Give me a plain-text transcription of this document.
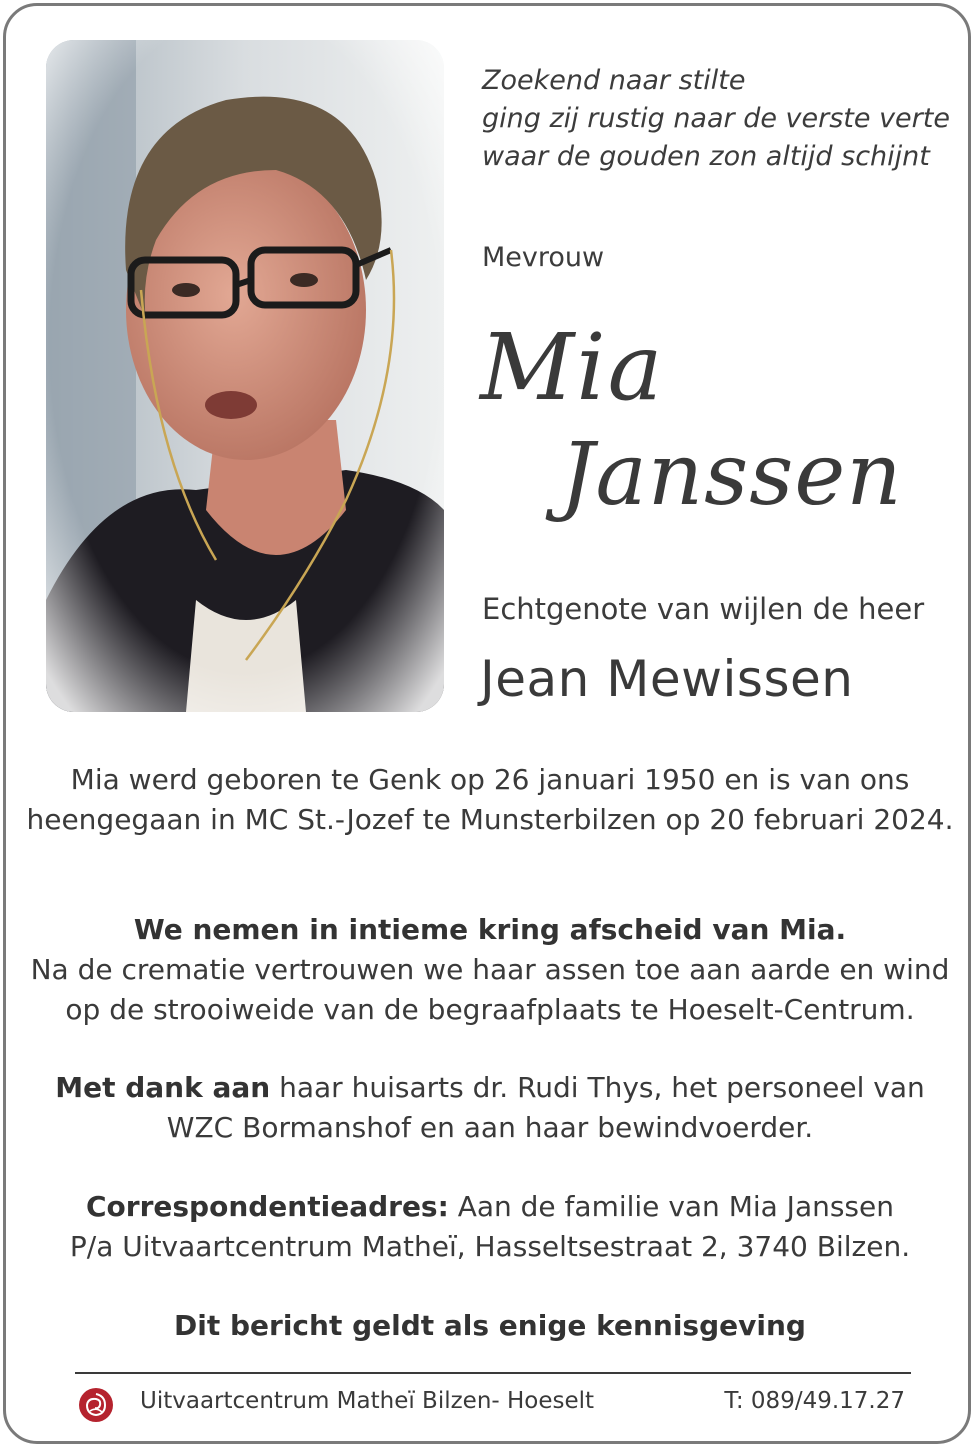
Zoekend naar stilte
ging zij rustig naar de verste verte
waar de gouden zon altijd schijnt
Mevrouw
Mia
Janssen
Echtgenote van wijlen de heer
Jean Mewissen
Mia werd geboren te Genk op 26 januari 1950 en is van ons
heengegaan in MC St.-Jozef te Munsterbilzen op 20 februari 2024.
We nemen in intieme kring afscheid van Mia.
Na de crematie vertrouwen we haar assen toe aan aarde en wind
op de strooiweide van de begraafplaats te Hoeselt-Centrum.
Met dank aan haar huisarts dr. Rudi Thys, het personeel van
WZC Bormanshof en aan haar bewindvoerder.
Correspondentieadres: Aan de familie van Mia Janssen
P/a Uitvaartcentrum Matheï, Hasseltsestraat 2, 3740 Bilzen.
Dit bericht geldt als enige kennisgeving
Uitvaartcentrum Matheï Bilzen- Hoeselt	T: 089/49.17.27
